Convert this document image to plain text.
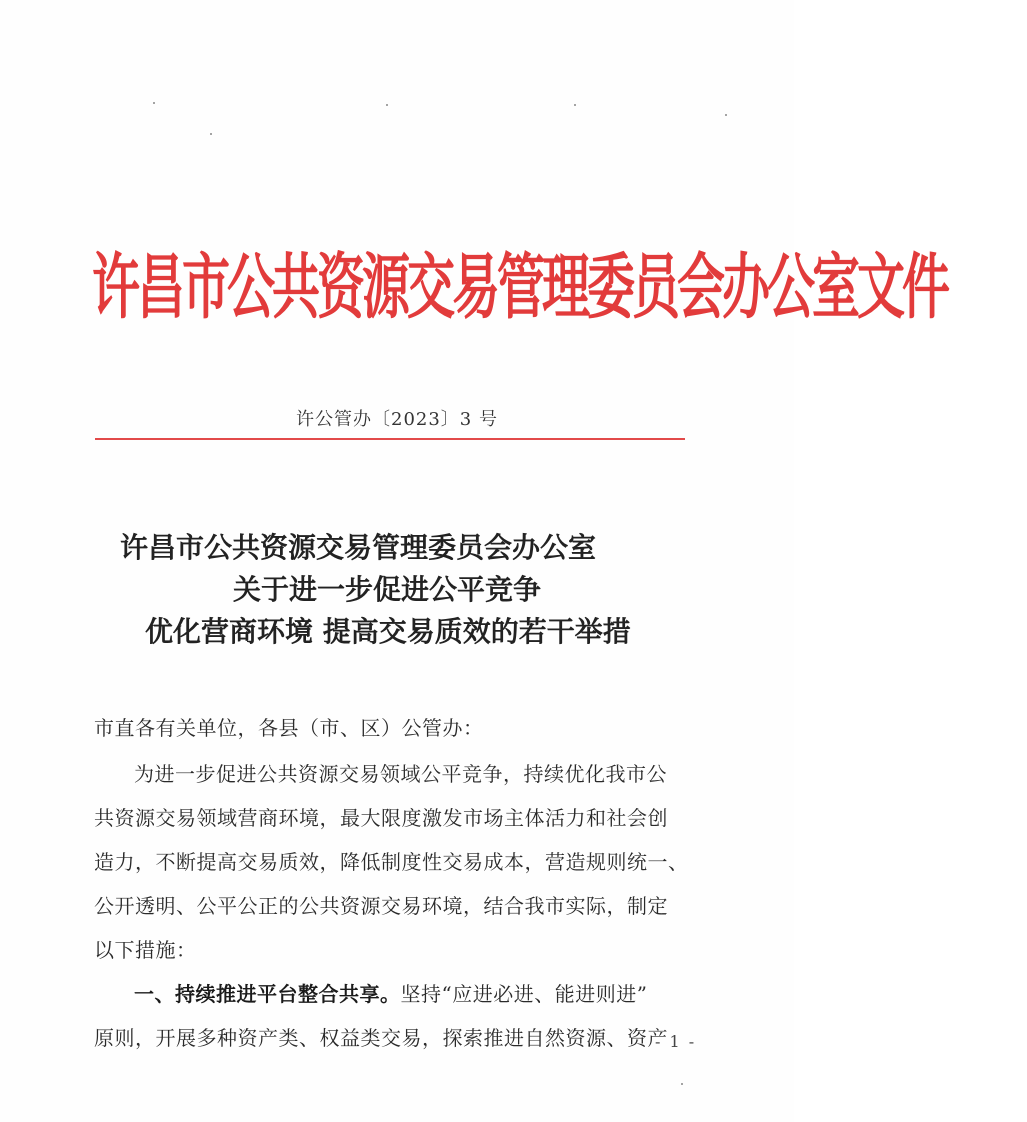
许昌市公共资源交易管理委员会办公室文件
许公管办〔2023〕3 号
许昌市公共资源交易管理委员会办公室
关于进一步促进公平竞争
优化营商环境 提高交易质效的若干举措
市直各有关单位，各县（市、区）公管办：
为进一步促进公共资源交易领域公平竞争，持续优化我市公
共资源交易领域营商环境，最大限度激发市场主体活力和社会创
造力，不断提高交易质效，降低制度性交易成本，营造规则统一、
公开透明、公平公正的公共资源交易环境，结合我市实际，制定
以下措施：
一、持续推进平台整合共享。坚持“应进必进、能进则进”
原则，开展多种资产类、权益类交易，探索推进自然资源、资产
- 1 -
